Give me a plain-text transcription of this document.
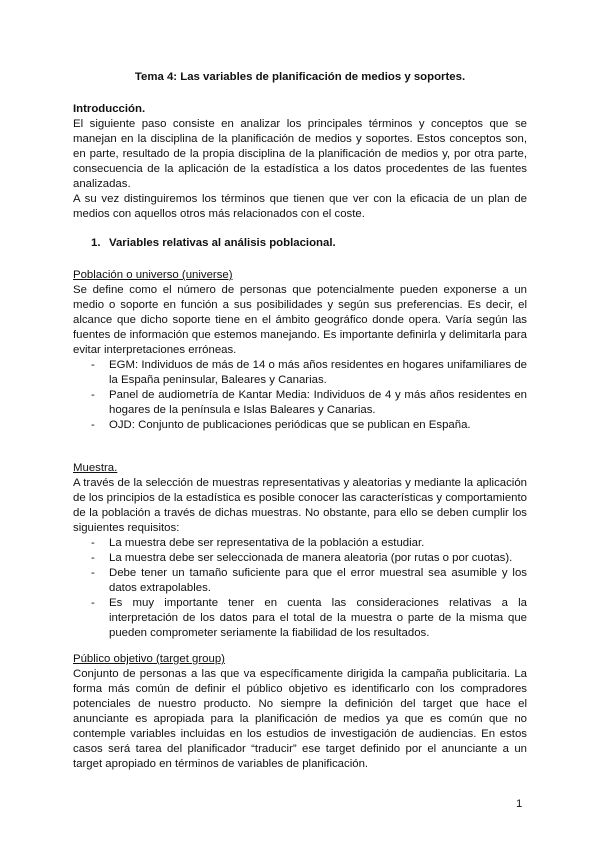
Tema 4: Las variables de planificación de medios y soportes.

Introducción.

El siguiente paso consiste en analizar los principales términos y conceptos que se manejan en la disciplina de la planificación de medios y soportes. Estos conceptos son, en parte, resultado de la propia disciplina de la planificación de medios y, por otra parte, consecuencia de la aplicación de la estadística a los datos procedentes de las fuentes analizadas.

A su vez distinguiremos los términos que tienen que ver con la eficacia de un plan de medios con aquellos otros más relacionados con el coste.

1. Variables relativas al análisis poblacional.

Población o universo (universe)

Se define como el número de personas que potencialmente pueden exponerse a un medio o soporte en función a sus posibilidades y según sus preferencias. Es decir, el alcance que dicho soporte tiene en el ámbito geográfico donde opera. Varía según las fuentes de información que estemos manejando. Es importante definirla y delimitarla para evitar interpretaciones erróneas.

-	EGM: Individuos de más de 14 o más años residentes en hogares unifamiliares de la España peninsular, Baleares y Canarias.
-	Panel de audiometría de Kantar Media: Individuos de 4 y más años residentes en hogares de la península e Islas Baleares y Canarias.
-	OJD: Conjunto de publicaciones periódicas que se publican en España.

Muestra.

A través de la selección de muestras representativas y aleatorias y mediante la aplicación de los principios de la estadística es posible conocer las características y comportamiento de la población a través de dichas muestras. No obstante, para ello se deben cumplir los siguientes requisitos:

-	La muestra debe ser representativa de la población a estudiar.
-	La muestra debe ser seleccionada de manera aleatoria (por rutas o por cuotas).
-	Debe tener un tamaño suficiente para que el error muestral sea asumible y los datos extrapolables.
-	Es muy importante tener en cuenta las consideraciones relativas a la interpretación de los datos para el total de la muestra o parte de la misma que pueden comprometer seriamente la fiabilidad de los resultados.

Público objetivo (target group)

Conjunto de personas a las que va específicamente dirigida la campaña publicitaria. La forma más común de definir el público objetivo es identificarlo con los compradores potenciales de nuestro producto. No siempre la definición del target que hace el anunciante es apropiada para la planificación de medios ya que es común que no contemple variables incluidas en los estudios de investigación de audiencias. En estos casos será tarea del planificador “traducir” ese target definido por el anunciante a un target apropiado en términos de variables de planificación.

1
